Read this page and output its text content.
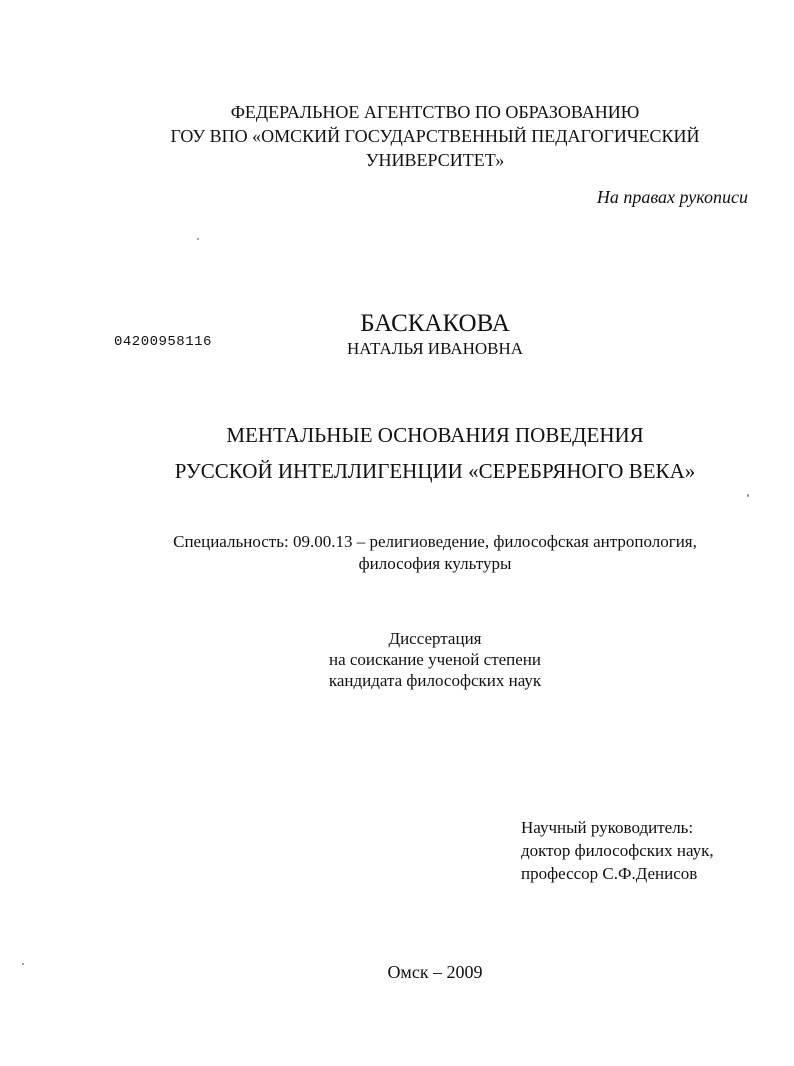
ФЕДЕРАЛЬНОЕ АГЕНТСТВО ПО ОБРАЗОВАНИЮ
ГОУ ВПО «ОМСКИЙ ГОСУДАРСТВЕННЫЙ ПЕДАГОГИЧЕСКИЙ
УНИВЕРСИТЕТ»
На правах рукописи
04200958116
БАСКАКОВА
НАТАЛЬЯ ИВАНОВНА
МЕНТАЛЬНЫЕ ОСНОВАНИЯ ПОВЕДЕНИЯ
РУССКОЙ ИНТЕЛЛИГЕНЦИИ «СЕРЕБРЯНОГО ВЕКА»
Специальность: 09.00.13 – религиоведение, философская антропология,
философия культуры
Диссертация
на соискание ученой степени
кандидата философских наук
Научный руководитель:
доктор философских наук,
профессор С.Ф.Денисов
Омск – 2009
